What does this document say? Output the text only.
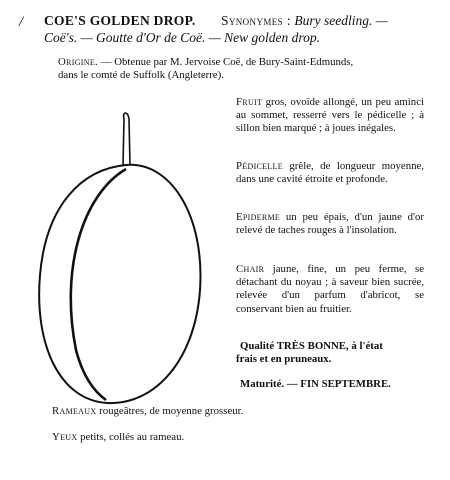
/ COE'S GOLDEN DROP. Synonymes : Bury seedling. —
Coë's. — Goutte d'Or de Coë. — New golden drop.
Origine. — Obtenue par M. Jervoise Coë, de Bury-Saint-Edmunds,
dans le comté de Suffolk (Angleterre).
Fruit gros, ovoïde allongé, un peu aminci au sommet, resserré vers le pédicelle ; à sillon bien marqué ; à joues inégales.
Pédicelle grêle, de longueur moyenne, dans une cavité étroite et profonde.
Epiderme un peu épais, d'un jaune d'or relevé de taches rouges à l'insolation.
Chair jaune, fine, un peu ferme, se détachant du noyau ; à saveur bien sucrée, relevée d'un parfum d'abricot, se conservant bien au fruitier.
Qualité TRÈS BONNE, à l'état
frais et en pruneaux.
Maturité. — FIN SEPTEMBRE.
Rameaux rougeâtres, de moyenne grosseur.
Yeux petits, collés au rameau.
